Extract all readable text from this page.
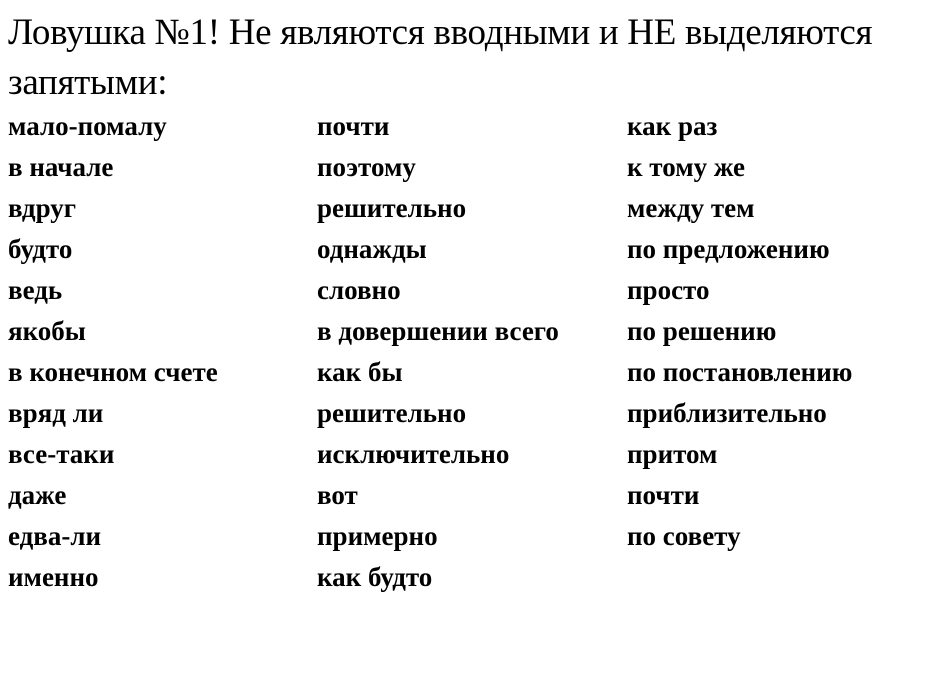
Ловушка №1! Не являются вводными и НЕ выделяются запятыми:
мало-помалу
в начале
вдруг
будто
ведь
якобы
в конечном счете
вряд ли
все-таки
даже
едва-ли
именно
почти
поэтому
решительно
однажды
словно
в довершении всего
как бы
решительно
исключительно
вот
примерно
как будто
как раз
к тому же
между тем
по предложению
просто
по решению
по постановлению
приблизительно
притом
почти
по совету
